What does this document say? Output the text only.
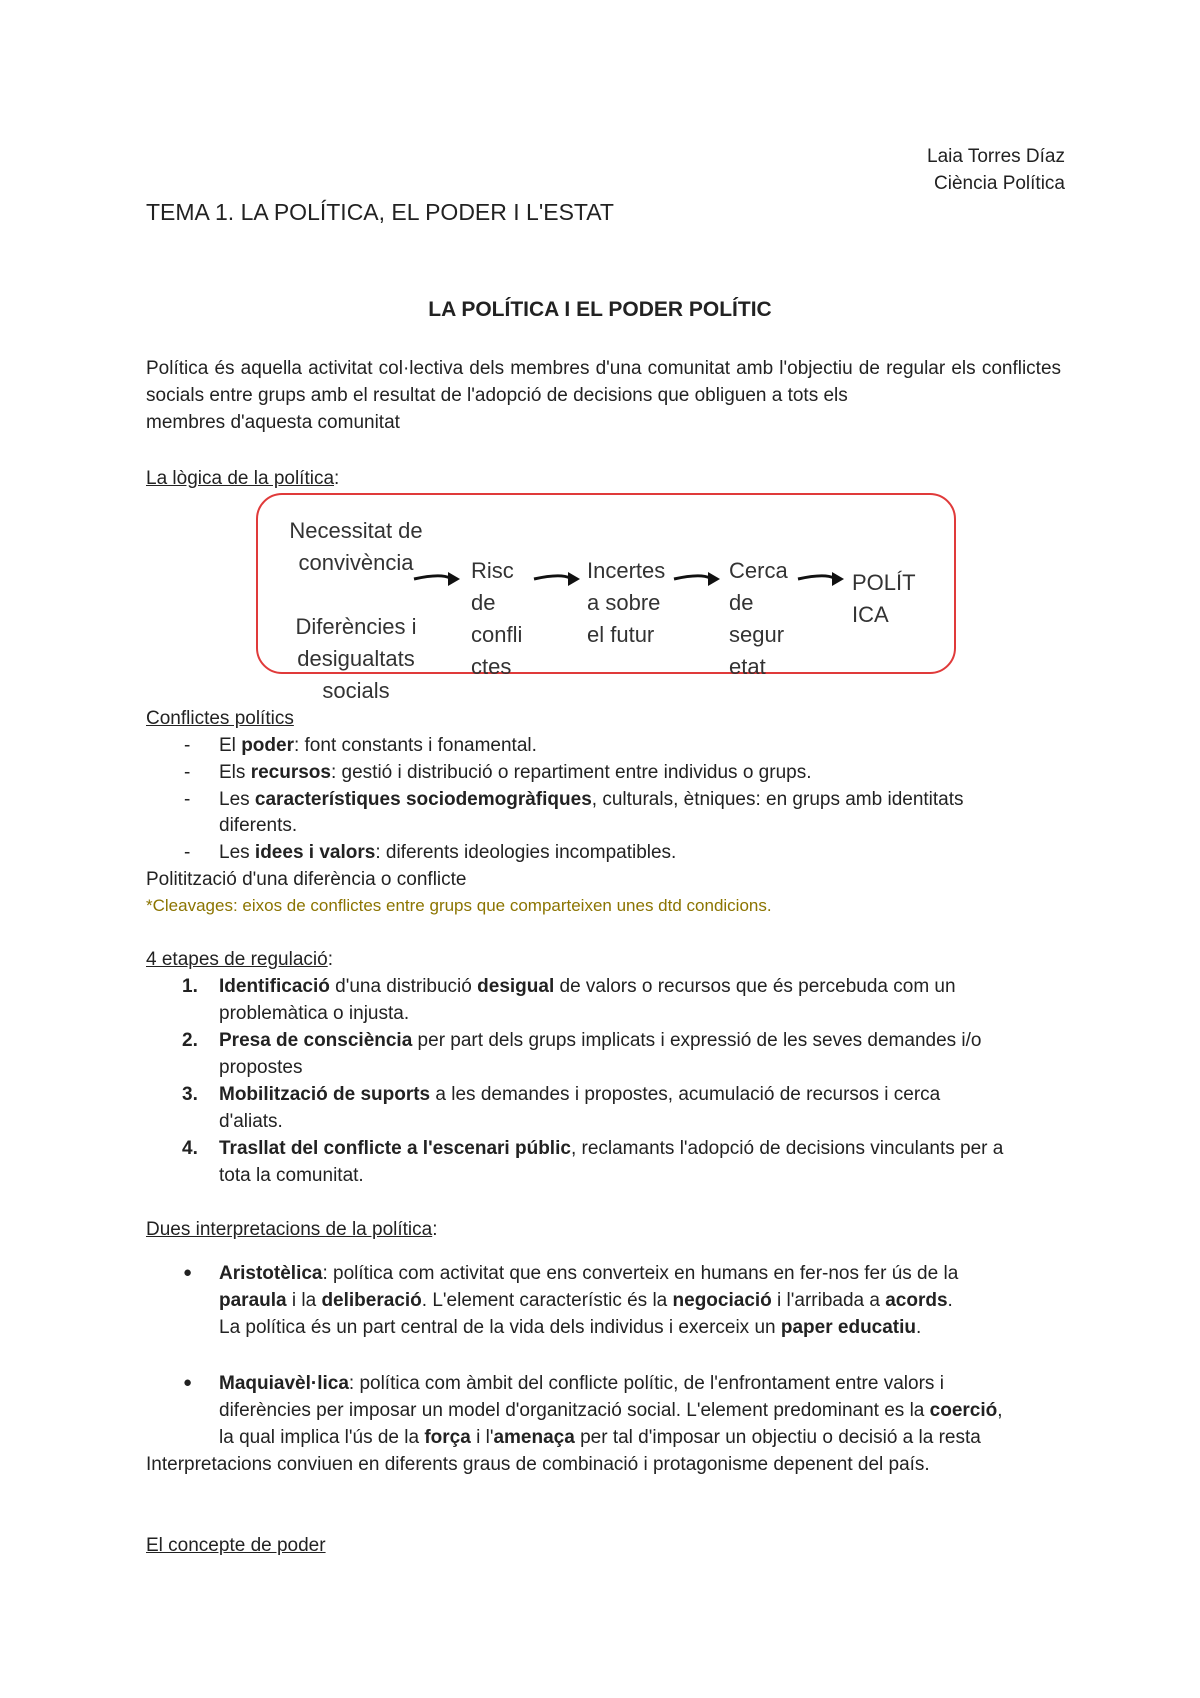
Laia Torres Díaz
Ciència Política
TEMA 1. LA POLÍTICA, EL PODER I L'ESTAT
LA POLÍTICA I EL PODER POLÍTIC
Política és aquella activitat col·lectiva dels membres d'una comunitat amb l'objectiu de regular els conflictes socials entre grups amb el resultat de l'adopció de decisions que obliguen a tots els
membres d'aquesta comunitat
La lògica de la política:
Necessitat de
convivència
Diferències i
desigualtats
socials
Risc
de
confli
ctes
Incertes
a sobre
el futur
Cerca
de
segur
etat
POLÍT
ICA
Conflictes polítics
- El poder: font constants i fonamental.
- Els recursos: gestió i distribució o repartiment entre individus o grups.
- Les característiques sociodemogràfiques, culturals, ètniques: en grups amb identitats
diferents.
- Les idees i valors: diferents ideologies incompatibles.
Politització d'una diferència o conflicte
*Cleavages: eixos de conflictes entre grups que comparteixen unes dtd condicions.
4 etapes de regulació:
1. Identificació d'una distribució desigual de valors o recursos que és percebuda com un
problemàtica o injusta.
2. Presa de consciència per part dels grups implicats i expressió de les seves demandes i/o
propostes
3. Mobilització de suports a les demandes i propostes, acumulació de recursos i cerca
d'aliats.
4. Trasllat del conflicte a l'escenari públic, reclamants l'adopció de decisions vinculants per a
tota la comunitat.
Dues interpretacions de la política:
● Aristotèlica: política com activitat que ens converteix en humans en fer-nos fer ús de la
paraula i la deliberació. L'element característic és la negociació i l'arribada a acords.
La política és un part central de la vida dels individus i exerceix un paper educatiu.
● Maquiavèl·lica: política com àmbit del conflicte polític, de l'enfrontament entre valors i
diferències per imposar un model d'organització social. L'element predominant es la coerció,
la qual implica l'ús de la força i l'amenaça per tal d'imposar un objectiu o decisió a la resta
Interpretacions conviuen en diferents graus de combinació i protagonisme depenent del país.
El concepte de poder
